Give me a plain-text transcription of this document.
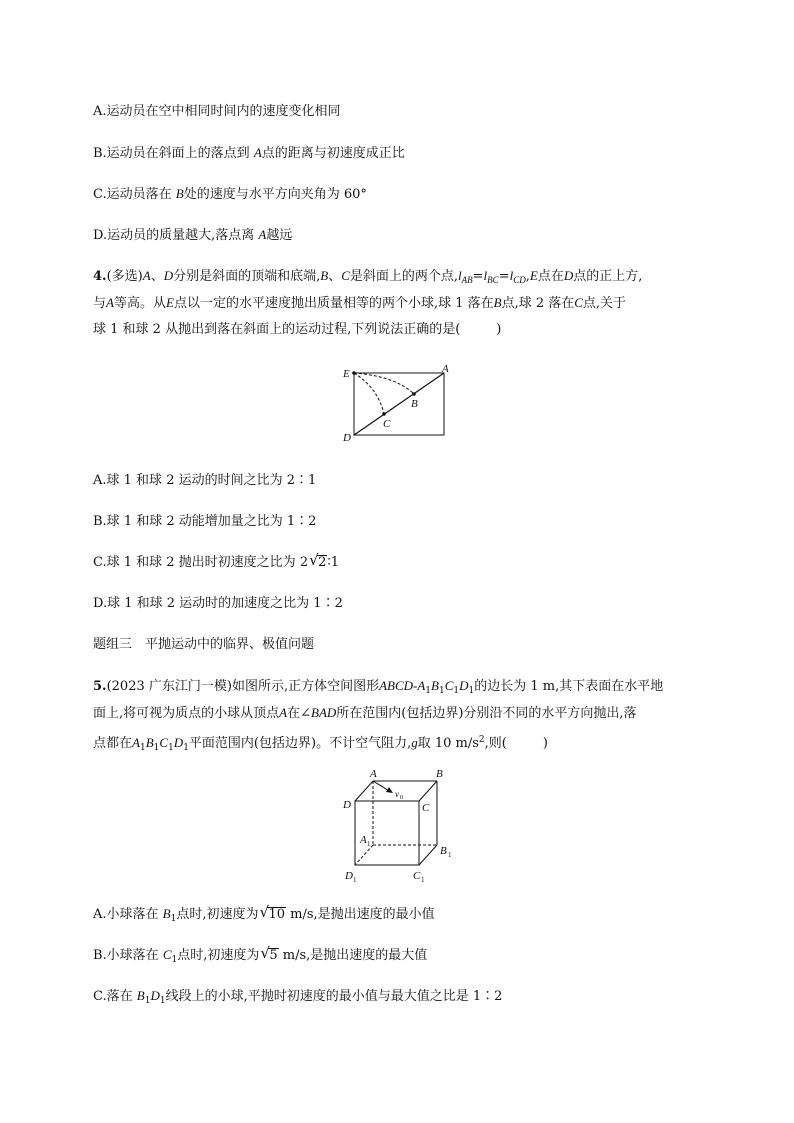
A.运动员在空中相同时间内的速度变化相同
B.运动员在斜面上的落点到 A点的距离与初速度成正比
C.运动员落在 B处的速度与水平方向夹角为 60°
D.运动员的质量越大,落点离 A越远
4.(多选)A、D分别是斜面的顶端和底端,B、C是斜面上的两个点$,l_{AB}=l_{BC}=l_{CD},E$点在D点的正上方,
与A等高。从E点以一定的水平速度抛出质量相等的两个小球,球 1 落在B点,球 2 落在C点,关于
球 1 和球 2 从抛出到落在斜面上的运动过程,下列说法正确的是(	)
E	A
B
C
D
A.球 1 和球 2 运动的时间之比为 2∶1
B.球 1 和球 2 动能增加量之比为 1∶2
C.球 1 和球 2 抛出时初速度之比为 2 √ 2∶1
D.球 1 和球 2 运动时的加速度之比为 1∶2
题组三　平抛运动中的临界、极值问题
5.(2023 广东江门一模)如图所示,正方体空间图形ABCD-$A_1B_1C_1D_1$的边长为 1 m,其下表面在水平地
面上,将可视为质点的小球从顶点A在∠BAD所在范围内(包括边界)分别沿不同的水平方向抛出,落
点都在$A_1B_1C_1D_1$平面范围内(包括边界)。不计空气阻力,g取 10 $m/s^2$,则(	)
A	B
D	C
v 0
A 1
B 1
D 1	C 1
A.小球落在 $B_1$点时,初速度为 √ 10 m/s,是抛出速度的最小值
B.小球落在 $C_1$点时,初速度为 √ 5 m/s,是抛出速度的最大值
C.落在 $B_1D_1$线段上的小球,平抛时初速度的最小值与最大值之比是 1∶2
